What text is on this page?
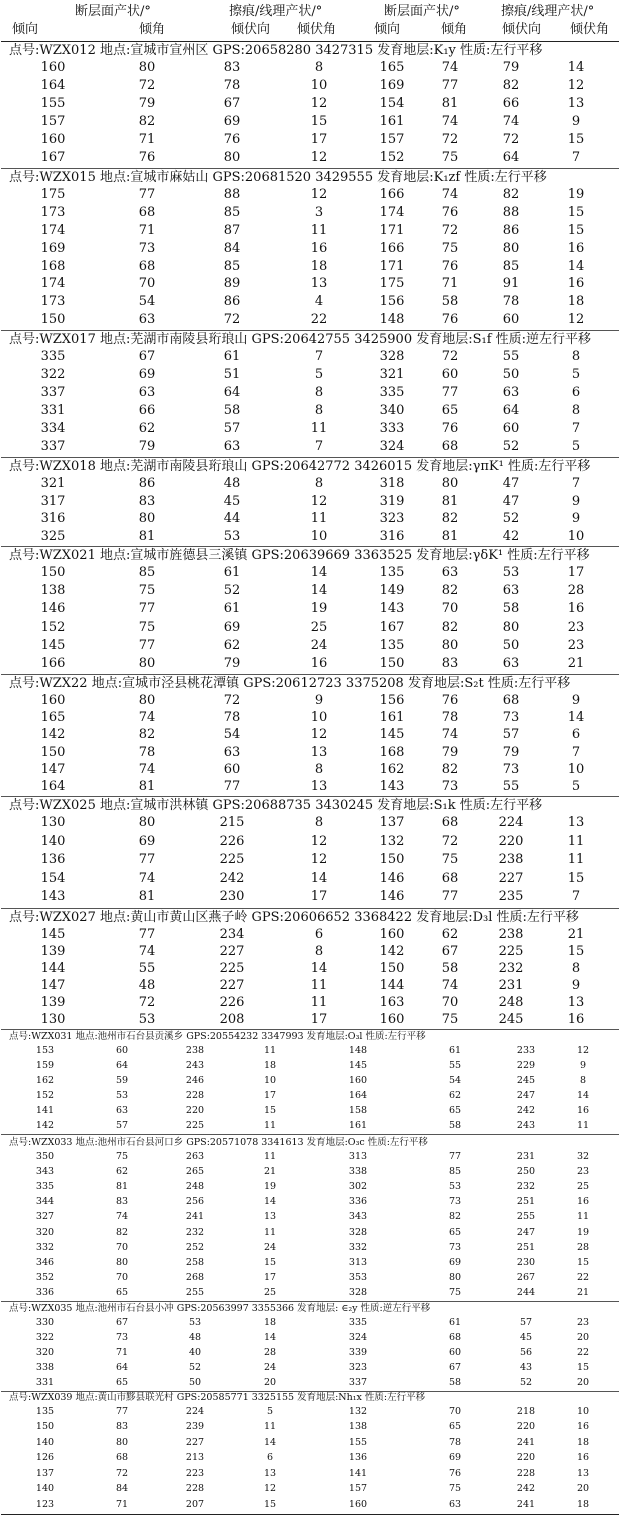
断层面产状/°	擦痕/线理产状/°	断层面产状/°	擦痕/线理产状/°
倾向	倾角	倾伏向 倾伏角	倾向	倾角	倾伏向 倾伏角
点号:WZX012 地点:宣城市宣州区 GPS:20658280 3427315 发育地层:K₁y 性质:左行平移
160	80	83	8	165	74	79	14
164	72	78	10	169	77	82	12
155	79	67	12	154	81	66	13
157	82	69	15	161	74	74	9
160	71	76	17	157	72	72	15
167	76	80	12	152	75	64	7
点号:WZX015 地点:宣城市麻姑山 GPS:20681520 3429555 发育地层:K₁zf 性质:左行平移
175	77	88	12	166	74	82	19
173	68	85	3	174	76	88	15
174	71	87	11	171	72	86	15
169	73	84	16	166	75	80	16
168	68	85	18	171	76	85	14
174	70	89	13	175	71	91	16
173	54	86	4	156	58	78	18
150	63	72	22	148	76	60	12
点号:WZX017 地点:芜湖市南陵县珩琅山 GPS:20642755 3425900 发育地层:S₁f 性质:逆左行平移
335	67	61	7	328	72	55	8
322	69	51	5	321	60	50	5
337	63	64	8	335	77	63	6
331	66	58	8	340	65	64	8
334	62	57	11	333	76	60	7
337	79	63	7	324	68	52	5
点号:WZX018 地点:芜湖市南陵县珩琅山 GPS:20642772 3426015 发育地层:γπK¹ 性质:左行平移
321	86	48	8	318	80	47	7
317	83	45	12	319	81	47	9
316	80	44	11	323	82	52	9
325	81	53	10	316	81	42	10
点号:WZX021 地点:宣城市旌德县三溪镇 GPS:20639669 3363525 发育地层:γδK¹ 性质:左行平移
150	85	61	14	135	63	53	17
138	75	52	14	149	82	63	28
146	77	61	19	143	70	58	16
152	75	69	25	167	82	80	23
145	77	62	24	135	80	50	23
166	80	79	16	150	83	63	21
点号:WZX22 地点:宣城市泾县桃花潭镇 GPS:20612723 3375208 发育地层:S₂t 性质:左行平移
160	80	72	9	156	76	68	9
165	74	78	10	161	78	73	14
142	82	54	12	145	74	57	6
150	78	63	13	168	79	79	7
147	74	60	8	162	82	73	10
164	81	77	13	143	73	55	5
点号:WZX025 地点:宣城市洪林镇 GPS:20688735 3430245 发育地层:S₁k 性质:左行平移
130	80	215	8	137	68	224	13
140	69	226	12	132	72	220	11
136	77	225	12	150	75	238	11
154	74	242	14	146	68	227	15
143	81	230	17	146	77	235	7
点号:WZX027 地点:黄山市黄山区燕子岭 GPS:20606652 3368422 发育地层:D₃l 性质:左行平移
145	77	234	6	160	62	238	21
139	74	227	8	142	67	225	15
144	55	225	14	150	58	232	8
147	48	227	11	144	74	231	9
139	72	226	11	163	70	248	13
130	53	208	17	160	75	245	16
点号:WZX031 地点:池州市石台县贡溪乡 GPS:20554232 3347993 发育地层:O₃l 性质:左行平移
153	60	238	11	148	61	233	12
159	64	243	18	145	55	229	9
162	59	246	10	160	54	245	8
152	53	228	17	164	62	247	14
141	63	220	15	158	65	242	16
142	57	225	11	161	58	243	11
点号:WZX033 地点:池州市石台县河口乡 GPS:20571078 3341613 发育地层:O₃c 性质:左行平移
350	75	263	11	313	77	231	32
343	62	265	21	338	85	250	23
335	81	248	19	302	53	232	25
344	83	256	14	336	73	251	16
327	74	241	13	343	82	255	11
320	82	232	11	328	65	247	19
332	70	252	24	332	73	251	28
346	80	258	15	313	69	230	15
352	70	268	17	353	80	267	22
336	65	255	25	328	75	244	21
点号:WZX035 地点:池州市石台县小冲 GPS:20563997 3355366 发育地层: ∈₂y 性质:逆左行平移
330	67	53	18	335	61	57	23
322	73	48	14	324	68	45	20
320	71	40	28	339	60	56	22
338	64	52	24	323	67	43	15
331	65	50	20	337	58	52	20
点号:WZX039 地点:黄山市黟县联光村 GPS:20585771 3325155 发育地层:Nh₁x 性质:左行平移
135	77	224	5	132	70	218	10
150	83	239	11	138	65	220	16
140	80	227	14	155	78	241	18
126	68	213	6	136	69	220	16
137	72	223	13	141	76	228	13
140	84	228	12	157	75	242	20
123	71	207	15	160	63	241	18
